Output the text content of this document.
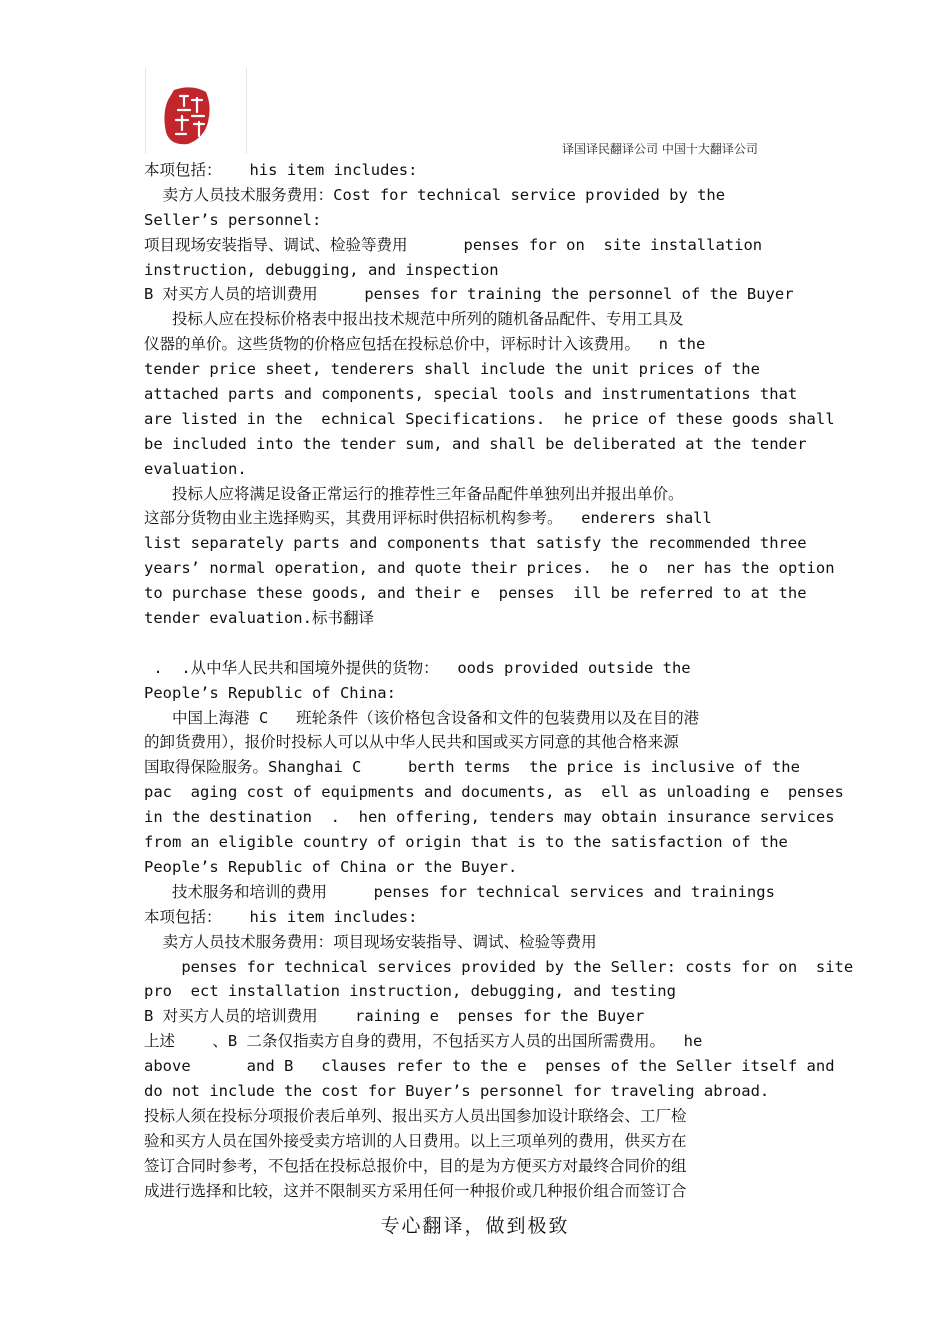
译国译民翻译公司 中国十大翻译公司
本项包括：   his item includes:
卖方人员技术服务费用：Cost for technical service provided by the
Seller’s personnel:
项目现场安装指导、调试、检验等费用      penses for on  site installation
instruction, debugging, and inspection
B 对买方人员的培训费用     penses for training the personnel of the Buyer
投标人应在投标价格表中报出技术规范中所列的随机备品配件、专用工具及
仪器的单价。这些货物的价格应包括在投标总价中，评标时计入该费用。  n the
tender price sheet, tenderers shall include the unit prices of the
attached parts and components, special tools and instrumentations that
are listed in the  echnical Specifications.  he price of these goods shall
be included into the tender sum, and shall be deliberated at the tender
evaluation.
投标人应将满足设备正常运行的推荐性三年备品配件单独列出并报出单价。
这部分货物由业主选择购买，其费用评标时供招标机构参考。  enderers shall
list separately parts and components that satisfy the recommended three
years’ normal operation, and quote their prices.  he o  ner has the option
to purchase these goods, and their e  penses  ill be referred to at the
tender evaluation.标书翻译
.  .从中华人民共和国境外提供的货物：  oods provided outside the
People’s Republic of China:
中国上海港 C   班轮条件（该价格包含设备和文件的包装费用以及在目的港
的卸货费用），报价时投标人可以从中华人民共和国或买方同意的其他合格来源
国取得保险服务。Shanghai C     berth terms  the price is inclusive of the
pac  aging cost of equipments and documents, as  ell as unloading e  penses
in the destination  .  hen offering, tenders may obtain insurance services
from an eligible country of origin that is to the satisfaction of the
People’s Republic of China or the Buyer.
技术服务和培训的费用     penses for technical services and trainings
本项包括：   his item includes:
卖方人员技术服务费用：项目现场安装指导、调试、检验等费用
penses for technical services provided by the Seller: costs for on  site
pro  ect installation instruction, debugging, and testing
B 对买方人员的培训费用    raining e  penses for the Buyer
上述    、B 二条仅指卖方自身的费用，不包括买方人员的出国所需费用。  he
above      and B   clauses refer to the e  penses of the Seller itself and
do not include the cost for Buyer’s personnel for traveling abroad.
投标人须在投标分项报价表后单列、报出买方人员出国参加设计联络会、工厂检
验和买方人员在国外接受卖方培训的人日费用。以上三项单列的费用，供买方在
签订合同时参考，不包括在投标总报价中，目的是为方便买方对最终合同价的组
成进行选择和比较，这并不限制买方采用任何一种报价或几种报价组合而签订合
专心翻译，做到极致
